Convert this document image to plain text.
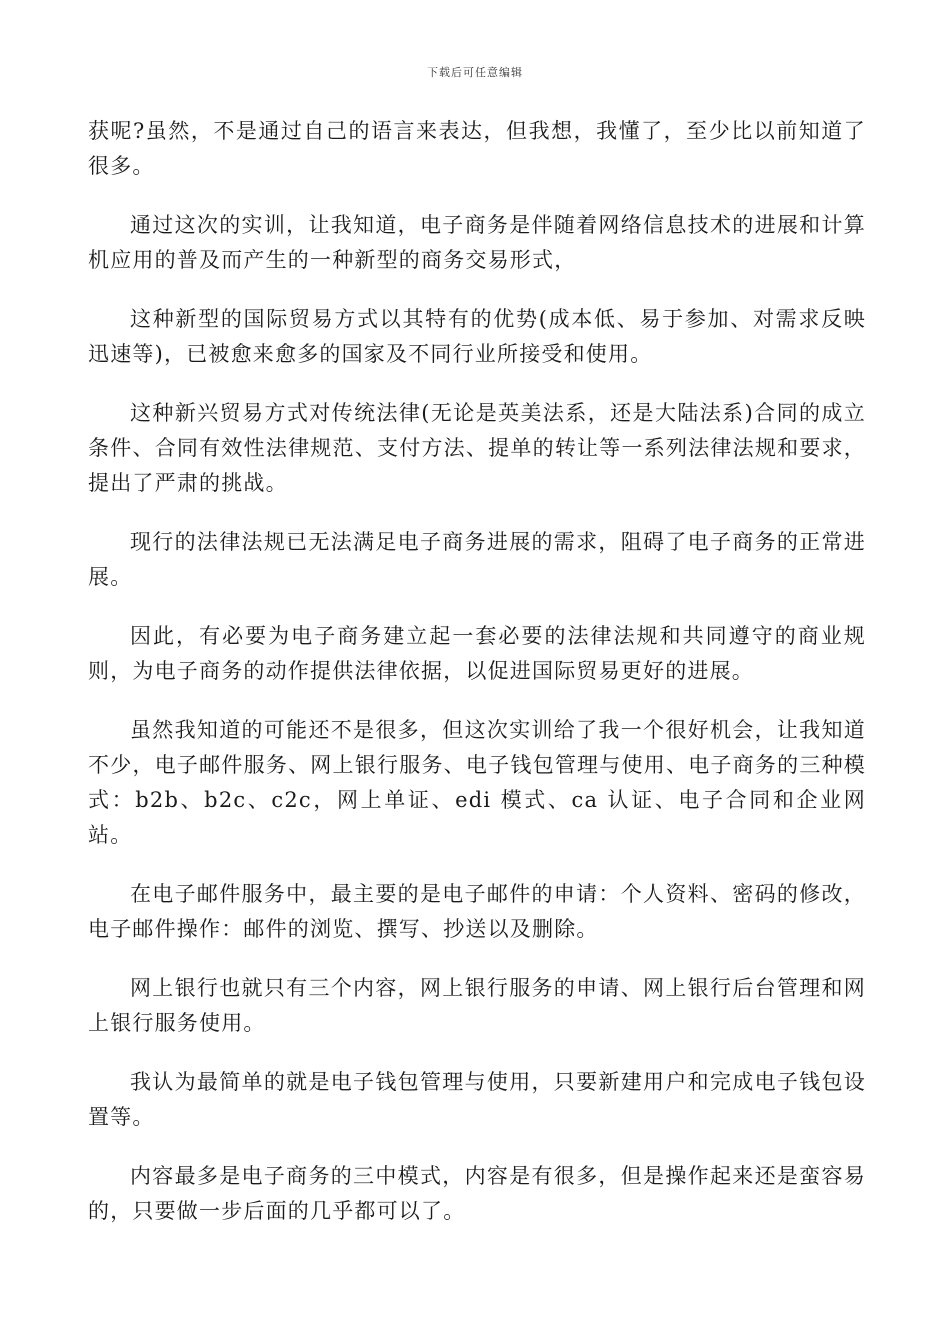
下载后可任意编辑

获呢?虽然，不是通过自己的语言来表达，但我想，我懂了，至少比以前知道了很多。

通过这次的实训，让我知道，电子商务是伴随着网络信息技术的进展和计算机应用的普及而产生的一种新型的商务交易形式，

这种新型的国际贸易方式以其特有的优势(成本低、易于参加、对需求反映迅速等)，已被愈来愈多的国家及不同行业所接受和使用。

这种新兴贸易方式对传统法律(无论是英美法系，还是大陆法系)合同的成立条件、合同有效性法律规范、支付方法、提单的转让等一系列法律法规和要求，提出了严肃的挑战。

现行的法律法规已无法满足电子商务进展的需求，阻碍了电子商务的正常进展。

因此，有必要为电子商务建立起一套必要的法律法规和共同遵守的商业规则，为电子商务的动作提供法律依据，以促进国际贸易更好的进展。

虽然我知道的可能还不是很多，但这次实训给了我一个很好机会，让我知道不少，电子邮件服务、网上银行服务、电子钱包管理与使用、电子商务的三种模式：b2b、b2c、c2c，网上单证、edi 模式、ca 认证、电子合同和企业网站。

在电子邮件服务中，最主要的是电子邮件的申请：个人资料、密码的修改，电子邮件操作：邮件的浏览、撰写、抄送以及删除。

网上银行也就只有三个内容，网上银行服务的申请、网上银行后台管理和网上银行服务使用。

我认为最简单的就是电子钱包管理与使用，只要新建用户和完成电子钱包设置等。

内容最多是电子商务的三中模式，内容是有很多，但是操作起来还是蛮容易的，只要做一步后面的几乎都可以了。
